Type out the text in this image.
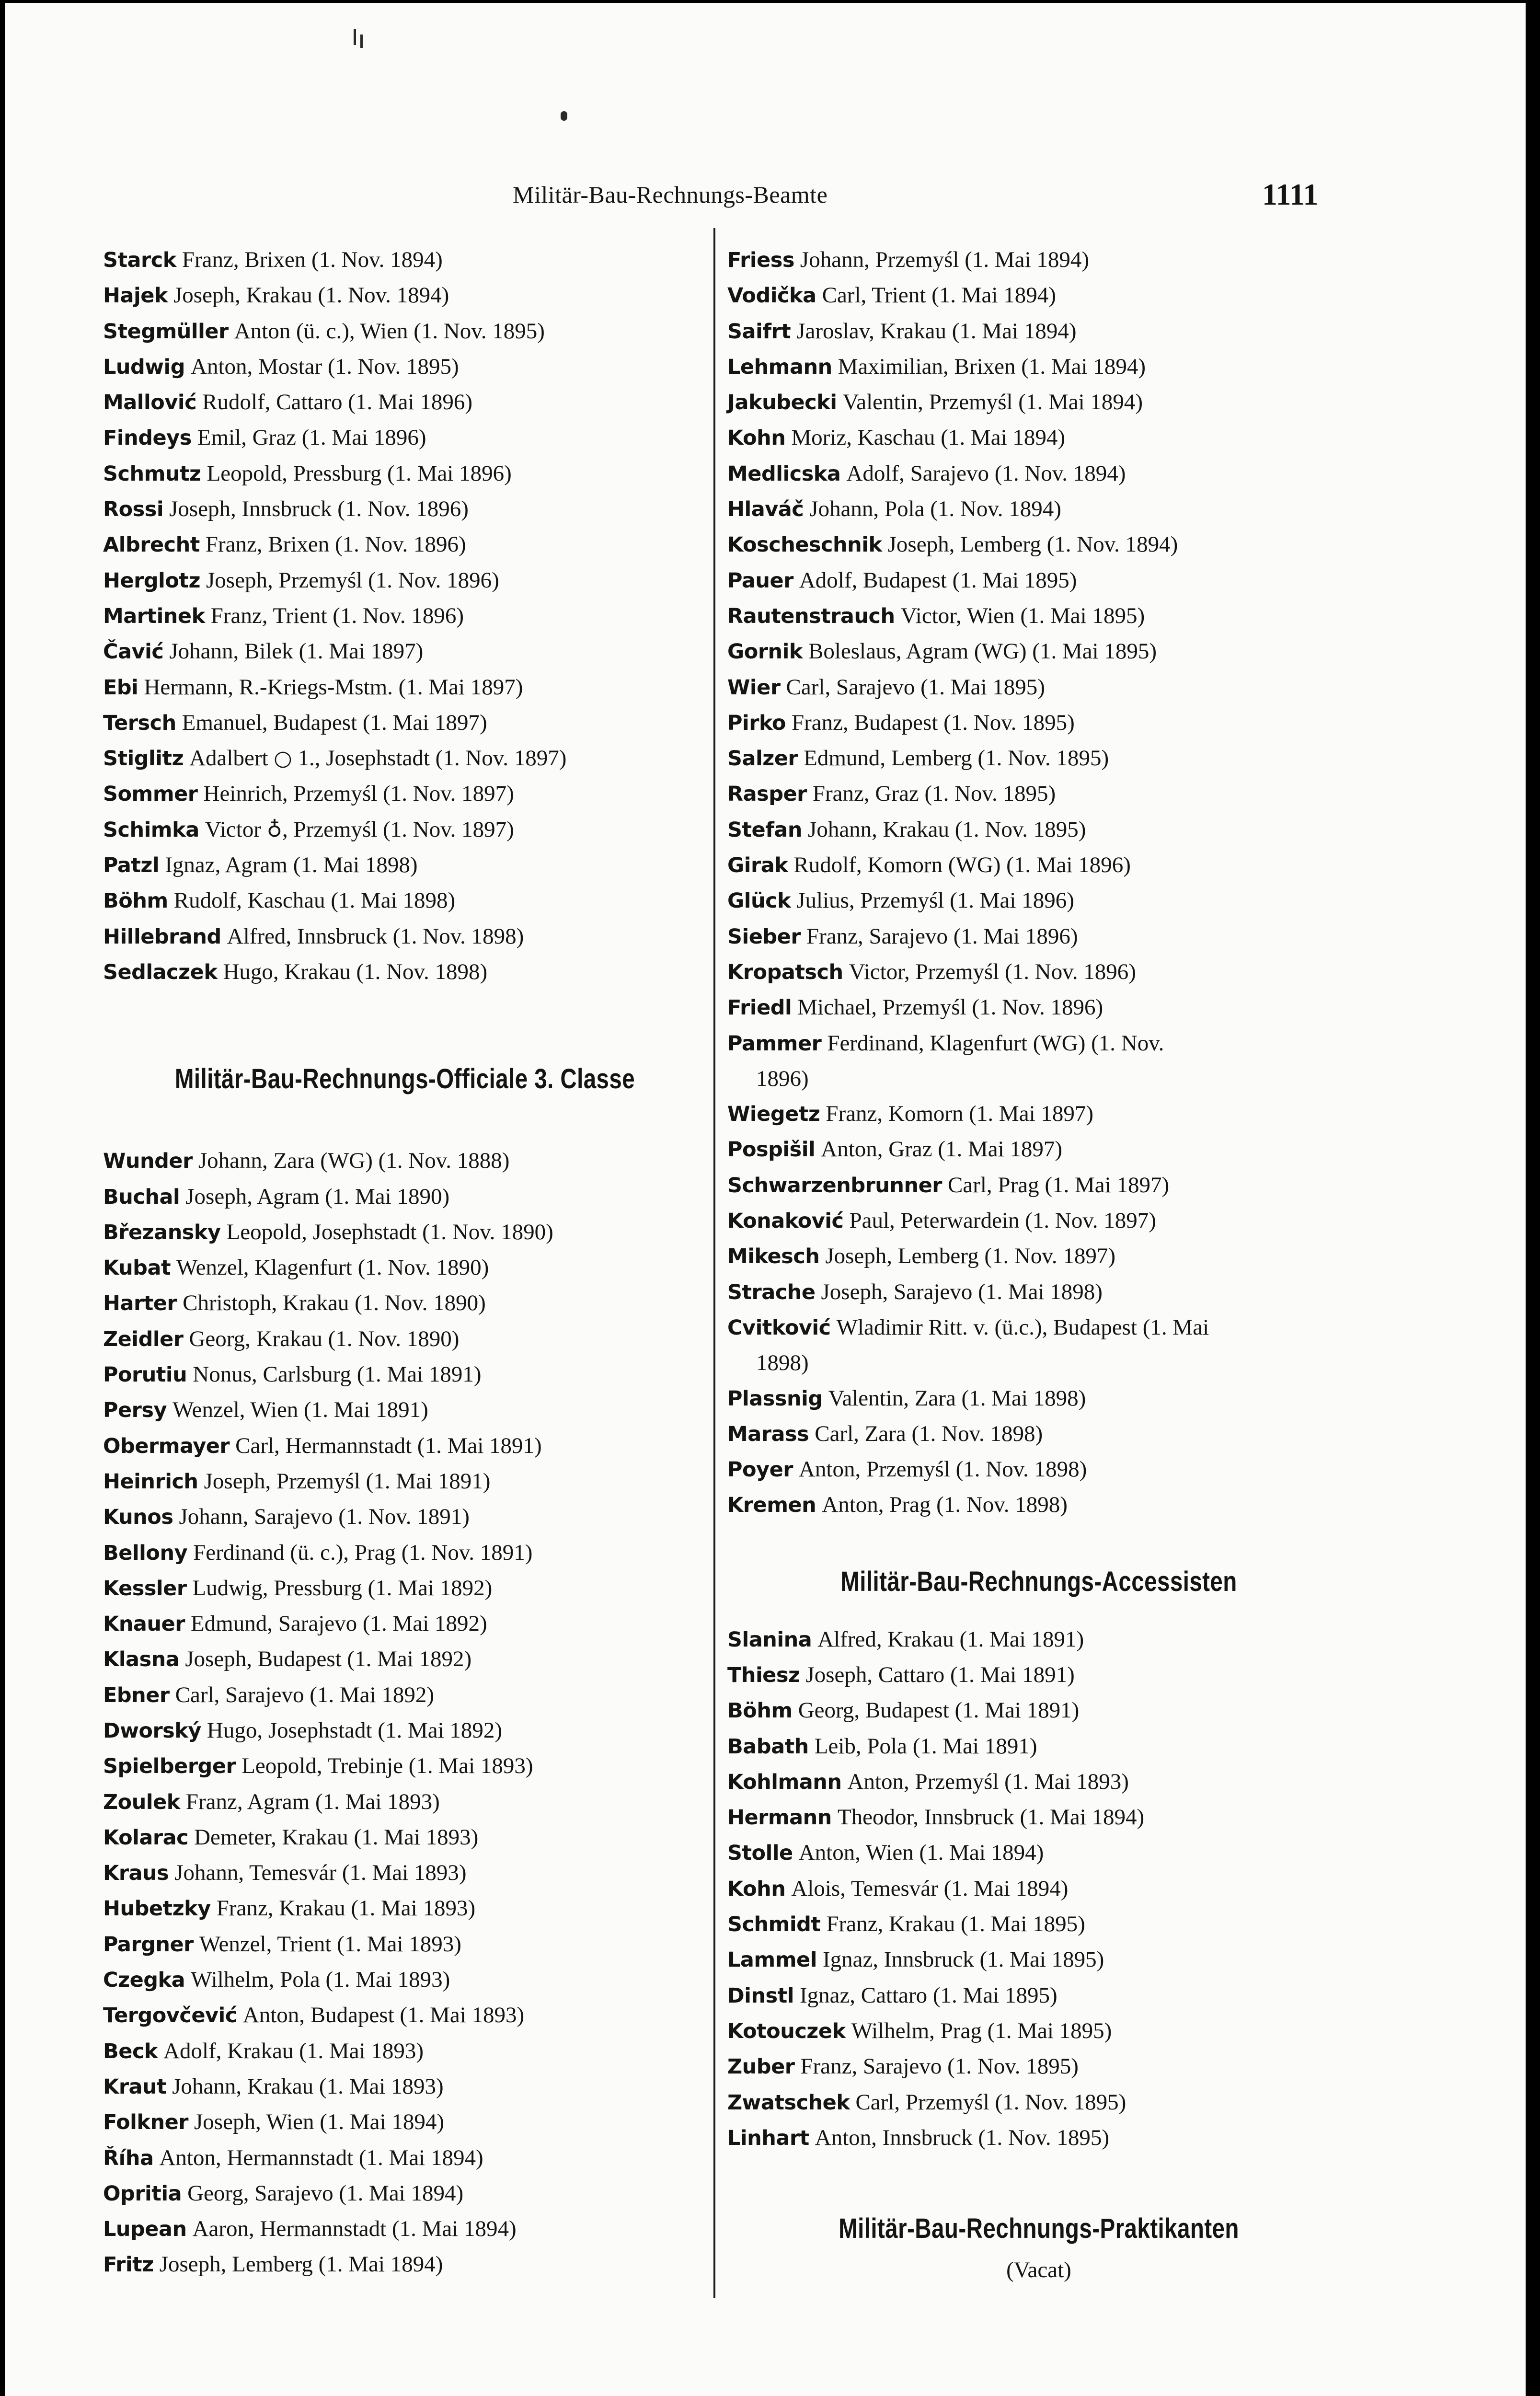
Militär-Bau-Rechnungs-Beamte	1111
Starck Franz, Brixen (1. Nov. 1894)
Hajek Joseph, Krakau (1. Nov. 1894)
Stegmüller Anton (ü. c.), Wien (1. Nov. 1895)
Ludwig Anton, Mostar (1. Nov. 1895)
Mallović Rudolf, Cattaro (1. Mai 1896)
Findeys Emil, Graz (1. Mai 1896)
Schmutz Leopold, Pressburg (1. Mai 1896)
Rossi Joseph, Innsbruck (1. Nov. 1896)
Albrecht Franz, Brixen (1. Nov. 1896)
Herglotz Joseph, Przemyśl (1. Nov. 1896)
Martinek Franz, Trient (1. Nov. 1896)
Čavić Johann, Bilek (1. Mai 1897)
Ebi Hermann, R.-Kriegs-Mstm. (1. Mai 1897)
Tersch Emanuel, Budapest (1. Mai 1897)
Stiglitz Adalbert ○ 1., Josephstadt (1. Nov. 1897)
Sommer Heinrich, Przemyśl (1. Nov. 1897)
Schimka Victor ♁, Przemyśl (1. Nov. 1897)
Patzl Ignaz, Agram (1. Mai 1898)
Böhm Rudolf, Kaschau (1. Mai 1898)
Hillebrand Alfred, Innsbruck (1. Nov. 1898)
Sedlaczek Hugo, Krakau (1. Nov. 1898)
Militär-Bau-Rechnungs-Officiale 3. Classe
Wunder Johann, Zara (WG) (1. Nov. 1888)
Buchal Joseph, Agram (1. Mai 1890)
Březansky Leopold, Josephstadt (1. Nov. 1890)
Kubat Wenzel, Klagenfurt (1. Nov. 1890)
Harter Christoph, Krakau (1. Nov. 1890)
Zeidler Georg, Krakau (1. Nov. 1890)
Porutiu Nonus, Carlsburg (1. Mai 1891)
Persy Wenzel, Wien (1. Mai 1891)
Obermayer Carl, Hermannstadt (1. Mai 1891)
Heinrich Joseph, Przemyśl (1. Mai 1891)
Kunos Johann, Sarajevo (1. Nov. 1891)
Bellony Ferdinand (ü. c.), Prag (1. Nov. 1891)
Kessler Ludwig, Pressburg (1. Mai 1892)
Knauer Edmund, Sarajevo (1. Mai 1892)
Klasna Joseph, Budapest (1. Mai 1892)
Ebner Carl, Sarajevo (1. Mai 1892)
Dworský Hugo, Josephstadt (1. Mai 1892)
Spielberger Leopold, Trebinje (1. Mai 1893)
Zoulek Franz, Agram (1. Mai 1893)
Kolarac Demeter, Krakau (1. Mai 1893)
Kraus Johann, Temesvár (1. Mai 1893)
Hubetzky Franz, Krakau (1. Mai 1893)
Pargner Wenzel, Trient (1. Mai 1893)
Czegka Wilhelm, Pola (1. Mai 1893)
Tergovčević Anton, Budapest (1. Mai 1893)
Beck Adolf, Krakau (1. Mai 1893)
Kraut Johann, Krakau (1. Mai 1893)
Folkner Joseph, Wien (1. Mai 1894)
Říha Anton, Hermannstadt (1. Mai 1894)
Opritia Georg, Sarajevo (1. Mai 1894)
Lupean Aaron, Hermannstadt (1. Mai 1894)
Fritz Joseph, Lemberg (1. Mai 1894)
Friess Johann, Przemyśl (1. Mai 1894)
Vodička Carl, Trient (1. Mai 1894)
Saifrt Jaroslav, Krakau (1. Mai 1894)
Lehmann Maximilian, Brixen (1. Mai 1894)
Jakubecki Valentin, Przemyśl (1. Mai 1894)
Kohn Moriz, Kaschau (1. Mai 1894)
Medlicska Adolf, Sarajevo (1. Nov. 1894)
Hlaváč Johann, Pola (1. Nov. 1894)
Koscheschnik Joseph, Lemberg (1. Nov. 1894)
Pauer Adolf, Budapest (1. Mai 1895)
Rautenstrauch Victor, Wien (1. Mai 1895)
Gornik Boleslaus, Agram (WG) (1. Mai 1895)
Wier Carl, Sarajevo (1. Mai 1895)
Pirko Franz, Budapest (1. Nov. 1895)
Salzer Edmund, Lemberg (1. Nov. 1895)
Rasper Franz, Graz (1. Nov. 1895)
Stefan Johann, Krakau (1. Nov. 1895)
Girak Rudolf, Komorn (WG) (1. Mai 1896)
Glück Julius, Przemyśl (1. Mai 1896)
Sieber Franz, Sarajevo (1. Mai 1896)
Kropatsch Victor, Przemyśl (1. Nov. 1896)
Friedl Michael, Przemyśl (1. Nov. 1896)
Pammer Ferdinand, Klagenfurt (WG) (1. Nov.
1896)
Wiegetz Franz, Komorn (1. Mai 1897)
Pospišil Anton, Graz (1. Mai 1897)
Schwarzenbrunner Carl, Prag (1. Mai 1897)
Konaković Paul, Peterwardein (1. Nov. 1897)
Mikesch Joseph, Lemberg (1. Nov. 1897)
Strache Joseph, Sarajevo (1. Mai 1898)
Cvitković Wladimir Ritt. v. (ü.c.), Budapest (1. Mai
1898)
Plassnig Valentin, Zara (1. Mai 1898)
Marass Carl, Zara (1. Nov. 1898)
Poyer Anton, Przemyśl (1. Nov. 1898)
Kremen Anton, Prag (1. Nov. 1898)
Militär-Bau-Rechnungs-Accessisten
Slanina Alfred, Krakau (1. Mai 1891)
Thiesz Joseph, Cattaro (1. Mai 1891)
Böhm Georg, Budapest (1. Mai 1891)
Babath Leib, Pola (1. Mai 1891)
Kohlmann Anton, Przemyśl (1. Mai 1893)
Hermann Theodor, Innsbruck (1. Mai 1894)
Stolle Anton, Wien (1. Mai 1894)
Kohn Alois, Temesvár (1. Mai 1894)
Schmidt Franz, Krakau (1. Mai 1895)
Lammel Ignaz, Innsbruck (1. Mai 1895)
Dinstl Ignaz, Cattaro (1. Mai 1895)
Kotouczek Wilhelm, Prag (1. Mai 1895)
Zuber Franz, Sarajevo (1. Nov. 1895)
Zwatschek Carl, Przemyśl (1. Nov. 1895)
Linhart Anton, Innsbruck (1. Nov. 1895)
Militär-Bau-Rechnungs-Praktikanten
(Vacat)
